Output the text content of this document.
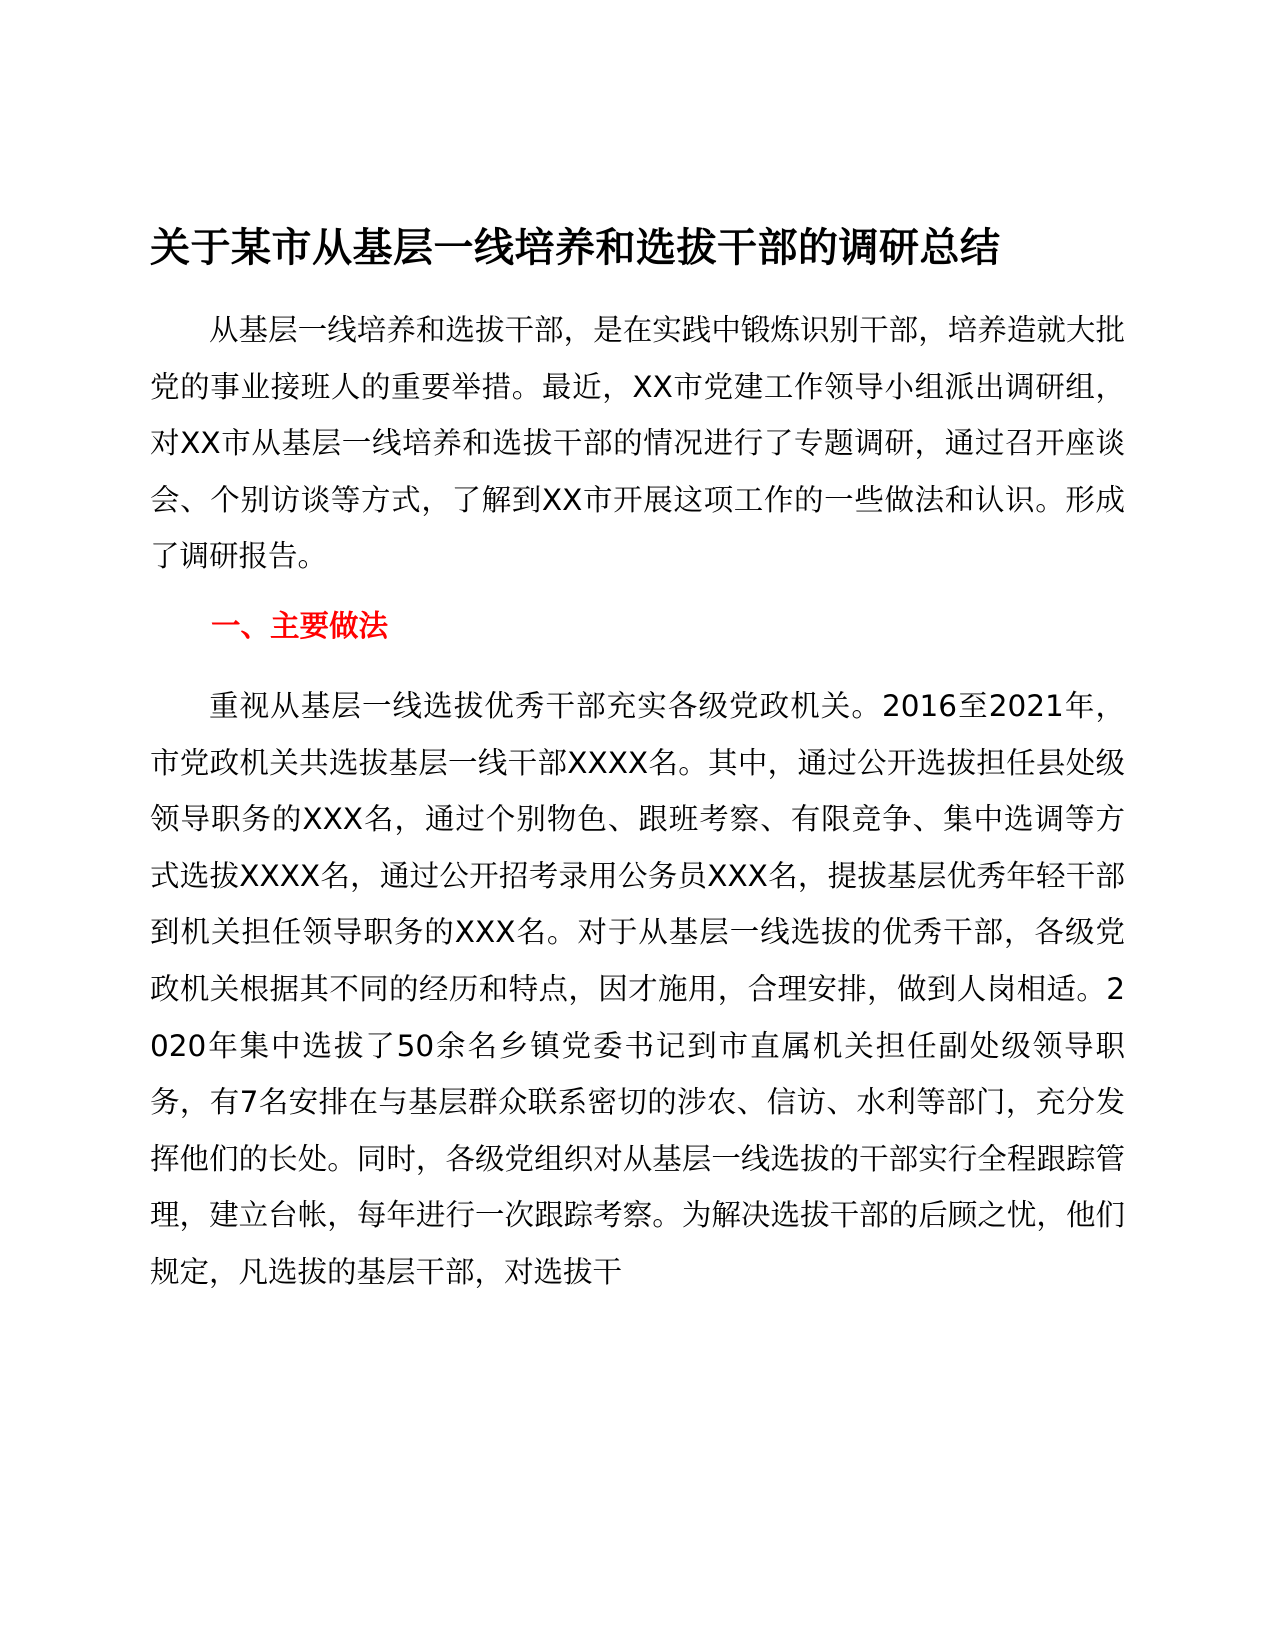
关于某市从基层一线培养和选拔干部的调研总结

从基层一线培养和选拔干部，是在实践中锻炼识别干部，培养造就大批党的事业接班人的重要举措。最近，XX市党建工作领导小组派出调研组，对XX市从基层一线培养和选拔干部的情况进行了专题调研，通过召开座谈会、个别访谈等方式，了解到XX市开展这项工作的一些做法和认识。形成了调研报告。

一、主要做法

重视从基层一线选拔优秀干部充实各级党政机关。2016至2021年，市党政机关共选拔基层一线干部XXXX名。其中，通过公开选拔担任县处级领导职务的XXX名，通过个别物色、跟班考察、有限竞争、集中选调等方式选拔XXXX名，通过公开招考录用公务员XXX名，提拔基层优秀年轻干部到机关担任领导职务的XXX名。对于从基层一线选拔的优秀干部，各级党政机关根据其不同的经历和特点，因才施用，合理安排，做到人岗相适。2020年集中选拔了50余名乡镇党委书记到市直属机关担任副处级领导职务，有7名安排在与基层群众联系密切的涉农、信访、水利等部门，充分发挥他们的长处。同时，各级党组织对从基层一线选拔的干部实行全程跟踪管理，建立台帐，每年进行一次跟踪考察。为解决选拔干部的后顾之忧，他们规定，凡选拔的基层干部，对选拔干
